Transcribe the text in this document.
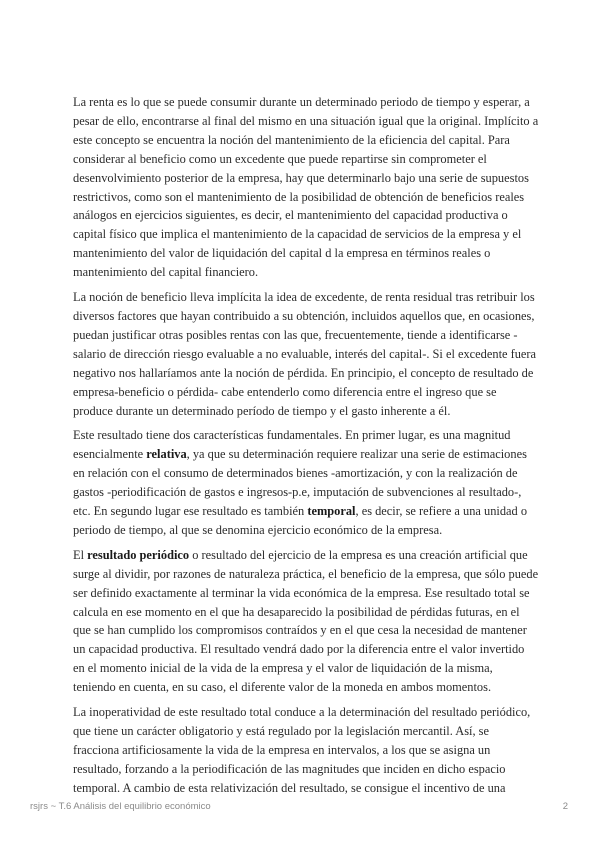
La renta es lo que se puede consumir durante un determinado periodo de tiempo y esperar, a
pesar de ello, encontrarse al final del mismo en una situación igual que la original. Implícito a
este concepto se encuentra la noción del mantenimiento de la eficiencia del capital. Para
considerar al beneficio como un excedente que puede repartirse sin comprometer el
desenvolvimiento posterior de la empresa, hay que determinarlo bajo una serie de supuestos
restrictivos, como son el mantenimiento de la posibilidad de obtención de beneficios reales
análogos en ejercicios siguientes, es decir, el mantenimiento del capacidad productiva o
capital físico que implica el mantenimiento de la capacidad de servicios de la empresa y el
mantenimiento del valor de liquidación del capital d la empresa en términos reales o
mantenimiento del capital financiero.

La noción de beneficio lleva implícita la idea de excedente, de renta residual tras retribuir los
diversos factores que hayan contribuido a su obtención, incluidos aquellos que, en ocasiones,
puedan justificar otras posibles rentas con las que, frecuentemente, tiende a identificarse -
salario de dirección riesgo evaluable a no evaluable, interés del capital-. Si el excedente fuera
negativo nos hallaríamos ante la noción de pérdida. En principio, el concepto de resultado de
empresa-beneficio o pérdida- cabe entenderlo como diferencia entre el ingreso que se
produce durante un determinado período de tiempo y el gasto inherente a él.

Este resultado tiene dos características fundamentales. En primer lugar, es una magnitud
esencialmente relativa, ya que su determinación requiere realizar una serie de estimaciones
en relación con el consumo de determinados bienes -amortización, y con la realización de
gastos -periodificación de gastos e ingresos-p.e, imputación de subvenciones al resultado-,
etc. En segundo lugar ese resultado es también temporal, es decir, se refiere a una unidad o
periodo de tiempo, al que se denomina ejercicio económico de la empresa.

El resultado periódico o resultado del ejercicio de la empresa es una creación artificial que
surge al dividir, por razones de naturaleza práctica, el beneficio de la empresa, que sólo puede
ser definido exactamente al terminar la vida económica de la empresa. Ese resultado total se
calcula en ese momento en el que ha desaparecido la posibilidad de pérdidas futuras, en el
que se han cumplido los compromisos contraídos y en el que cesa la necesidad de mantener
un capacidad productiva. El resultado vendrá dado por la diferencia entre el valor invertido
en el momento inicial de la vida de la empresa y el valor de liquidación de la misma,
teniendo en cuenta, en su caso, el diferente valor de la moneda en ambos momentos.

La inoperatividad de este resultado total conduce a la determinación del resultado periódico,
que tiene un carácter obligatorio y está regulado por la legislación mercantil. Así, se
fracciona artificiosamente la vida de la empresa en intervalos, a los que se asigna un
resultado, forzando a la periodificación de las magnitudes que inciden en dicho espacio
temporal. A cambio de esta relativización del resultado, se consigue el incentivo de una

rsjrs ~ T.6 Análisis del equilibrio económico	2
